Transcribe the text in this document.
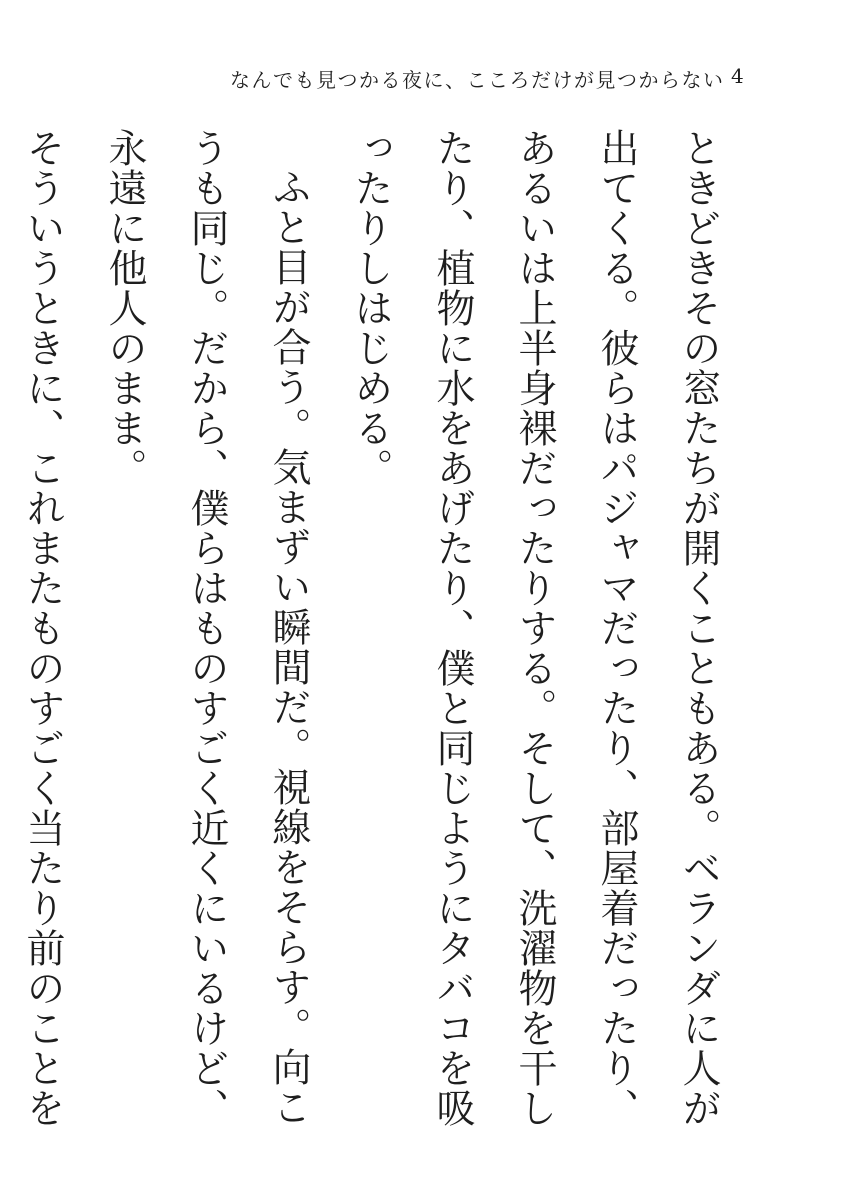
なんでも見つかる夜に、こころだけが見つからない 4

ときどきその窓たちが開くこともある。ベランダに人が出てくる。彼らはパジャマだったり、部屋着だったり、あるいは上半身裸だったりする。そして、洗濯物を干したり、植物に水をあげたり、僕と同じようにタバコを吸ったりしはじめる。

ふと目が合う。気まずい瞬間だ。視線をそらす。向こうも同じ。だから、僕らはものすごく近くにいるけど、永遠に他人のまま。

そういうときに、これまたものすごく当たり前のことを
